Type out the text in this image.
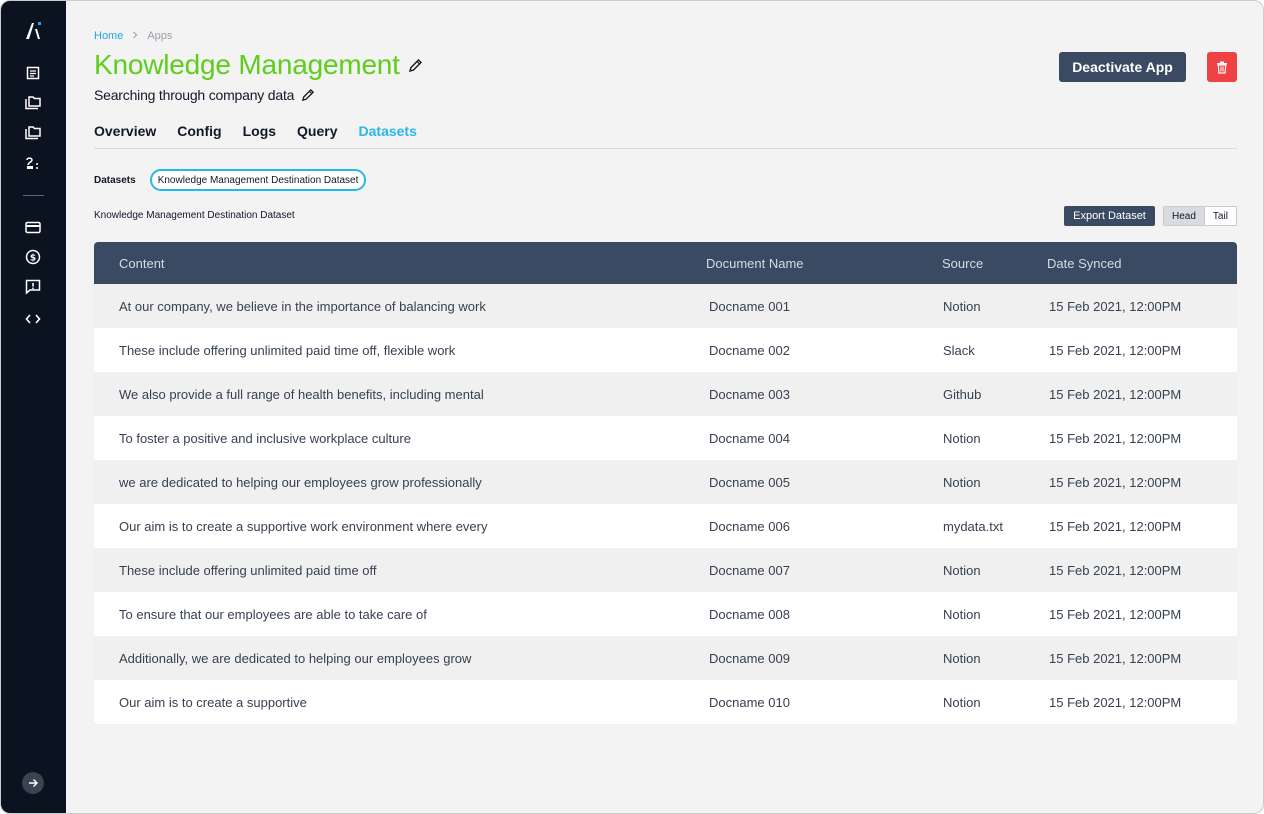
$
Home Apps
Knowledge Management
Searching through company data
Deactivate App
Overview Config Logs Query Datasets
Datasets	Knowledge Management Destination Dataset
Knowledge Management Destination Dataset	Export Dataset	Head	Tail
Content	Document Name	Source	Date Synced
At our company, we believe in the importance of balancing work	Docname 001	Notion	15 Feb 2021, 12:00PM
These include offering unlimited paid time off, flexible work	Docname 002	Slack	15 Feb 2021, 12:00PM
We also provide a full range of health benefits, including mental	Docname 003	Github	15 Feb 2021, 12:00PM
To foster a positive and inclusive workplace culture	Docname 004	Notion	15 Feb 2021, 12:00PM
we are dedicated to helping our employees grow professionally	Docname 005	Notion	15 Feb 2021, 12:00PM
Our aim is to create a supportive work environment where every	Docname 006	mydata.txt	15 Feb 2021, 12:00PM
These include offering unlimited paid time off	Docname 007	Notion	15 Feb 2021, 12:00PM
To ensure that our employees are able to take care of	Docname 008	Notion	15 Feb 2021, 12:00PM
Additionally, we are dedicated to helping our employees grow	Docname 009	Notion	15 Feb 2021, 12:00PM
Our aim is to create a supportive	Docname 010	Notion	15 Feb 2021, 12:00PM
